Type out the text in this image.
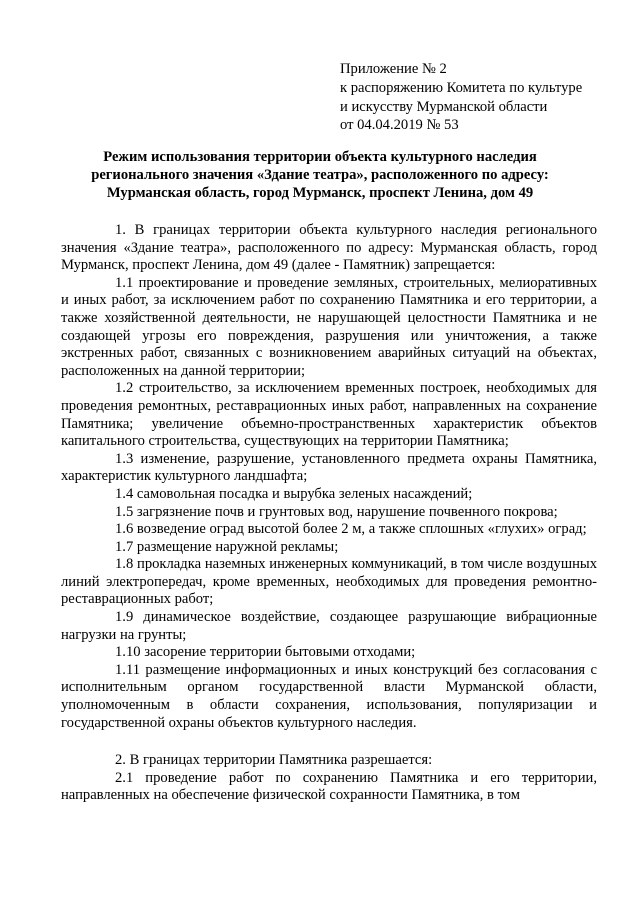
Приложение № 2
к распоряжению Комитета по культуре
и искусству Мурманской области
от 04.04.2019 № 53
Режим использования территории объекта культурного наследия
регионального значения «Здание театра», расположенного по адресу:
Мурманская область, город Мурманск, проспект Ленина, дом 49

1. В границах территории объекта культурного наследия регионального значения «Здание театра», расположенного по адресу: Мурманская область, город Мурманск, проспект Ленина, дом 49 (далее - Памятник) запрещается:

1.1 проектирование и проведение земляных, строительных, мелиоративных и иных работ, за исключением работ по сохранению Памятника и его территории, а также хозяйственной деятельности, не нарушающей целостности Памятника и не создающей угрозы его повреждения, разрушения или уничтожения, а также экстренных работ, связанных с возникновением аварийных ситуаций на объектах, расположенных на данной территории;

1.2 строительство, за исключением временных построек, необходимых для проведения ремонтных, реставрационных иных работ, направленных на сохранение Памятника; увеличение объемно-пространственных характеристик объектов капитального строительства, существующих на территории Памятника;

1.3 изменение, разрушение, установленного предмета охраны Памятника, характеристик культурного ландшафта;

1.4 самовольная посадка и вырубка зеленых насаждений;

1.5 загрязнение почв и грунтовых вод, нарушение почвенного покрова;

1.6 возведение оград высотой более 2 м, а также сплошных «глухих» оград;

1.7 размещение наружной рекламы;

1.8 прокладка наземных инженерных коммуникаций, в том числе воздушных линий электропередач, кроме временных, необходимых для проведения ремонтно-реставрационных работ;

1.9 динамическое воздействие, создающее разрушающие вибрационные нагрузки на грунты;

1.10 засорение территории бытовыми отходами;

1.11 размещение информационных и иных конструкций без согласования с исполнительным органом государственной власти Мурманской области, уполномоченным в области сохранения, использования, популяризации и государственной охраны объектов культурного наследия.

2. В границах территории Памятника разрешается:

2.1 проведение работ по сохранению Памятника и его территории, направленных на обеспечение физической сохранности Памятника, в том
